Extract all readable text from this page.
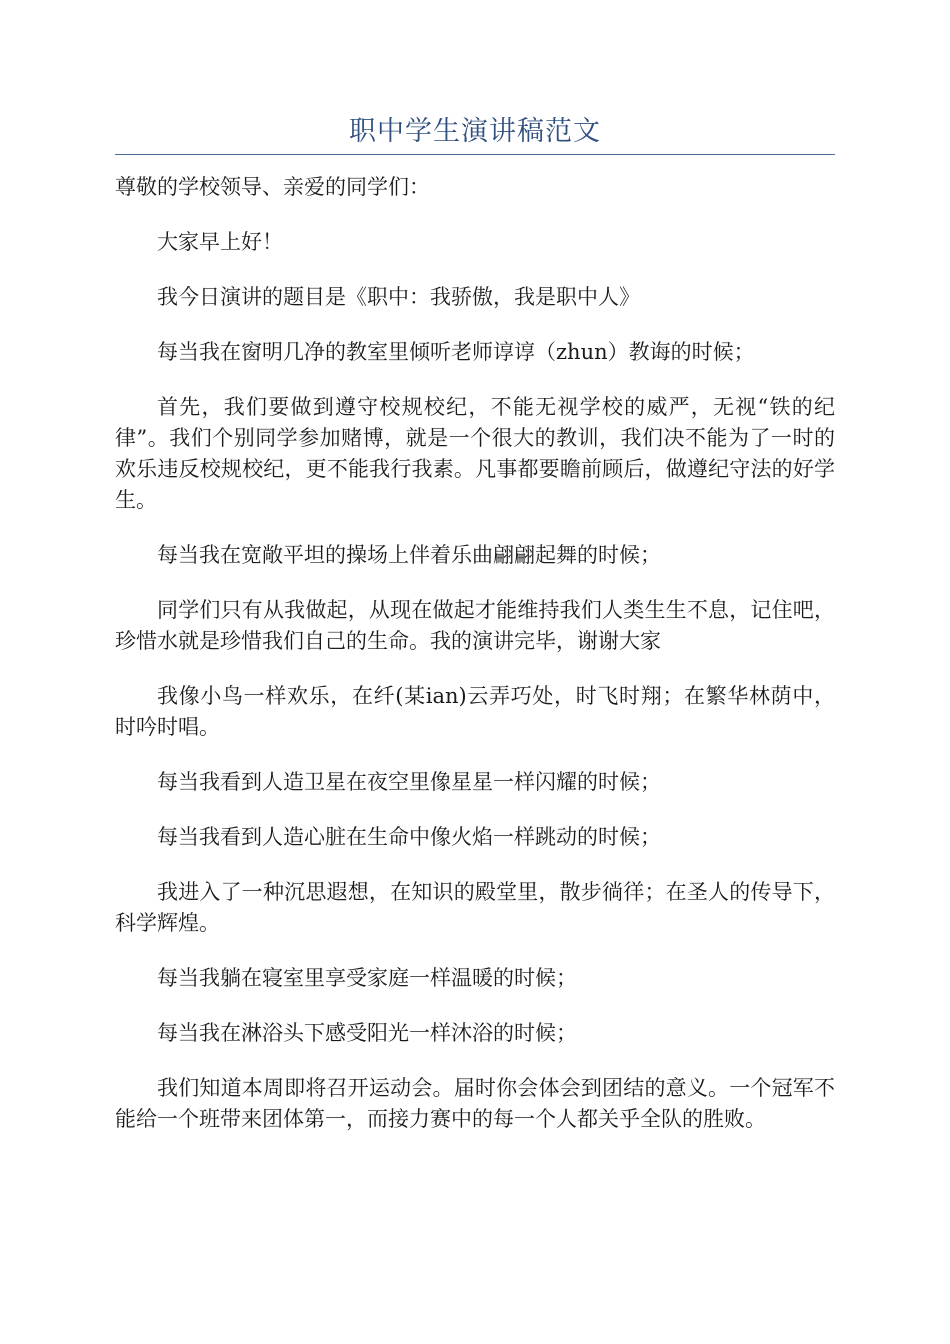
职中学生演讲稿范文

尊敬的学校领导、亲爱的同学们：

大家早上好！

我今日演讲的题目是《职中：我骄傲，我是职中人》

每当我在窗明几净的教室里倾听老师谆谆（zhun）教诲的时候；

首先，我们要做到遵守校规校纪，不能无视学校的威严，无视“铁的纪律”。我们个别同学参加赌博，就是一个很大的教训，我们决不能为了一时的欢乐违反校规校纪，更不能我行我素。凡事都要瞻前顾后，做遵纪守法的好学生。

每当我在宽敞平坦的操场上伴着乐曲翩翩起舞的时候；

同学们只有从我做起，从现在做起才能维持我们人类生生不息，记住吧，珍惜水就是珍惜我们自己的生命。我的演讲完毕，谢谢大家

我像小鸟一样欢乐，在纤(某ian)云弄巧处，时飞时翔；在繁华林荫中，时吟时唱。

每当我看到人造卫星在夜空里像星星一样闪耀的时候；

每当我看到人造心脏在生命中像火焰一样跳动的时候；

我进入了一种沉思遐想，在知识的殿堂里，散步徜徉；在圣人的传导下，科学辉煌。

每当我躺在寝室里享受家庭一样温暖的时候；

每当我在淋浴头下感受阳光一样沐浴的时候；

我们知道本周即将召开运动会。届时你会体会到团结的意义。一个冠军不能给一个班带来团体第一，而接力赛中的每一个人都关乎全队的胜败。
